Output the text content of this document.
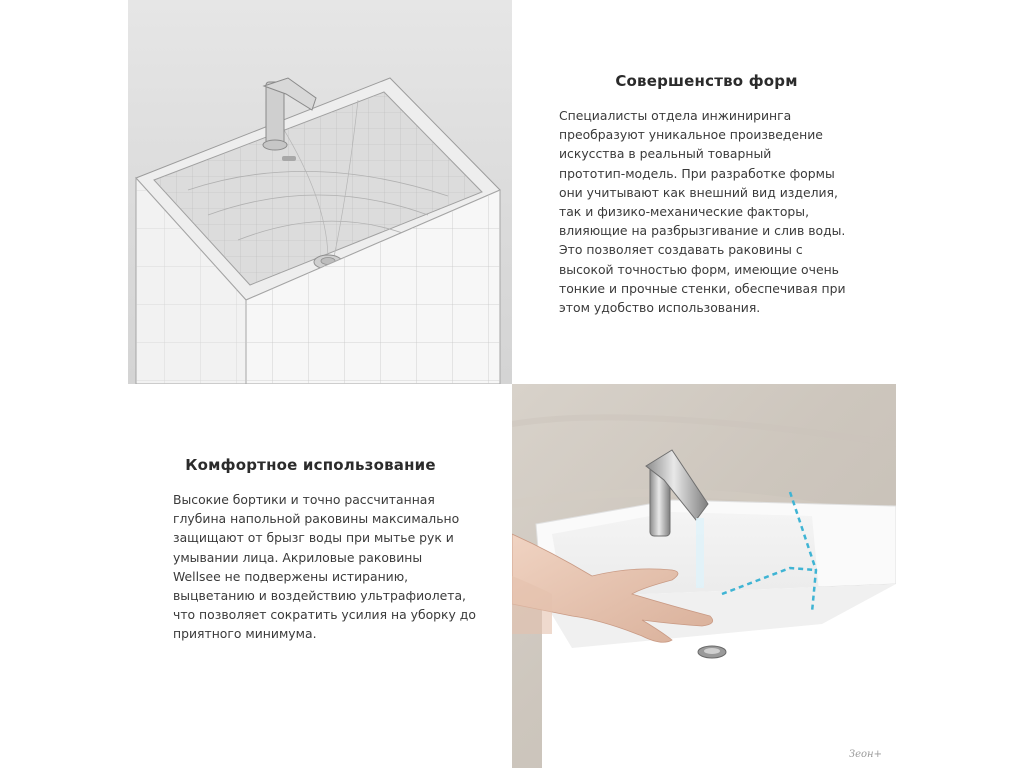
Совершенство форм

Специалисты отдела инжиниринга
преобразуют уникальное произведение
искусства в реальный товарный
прототип-модель. При разработке формы
они учитывают как внешний вид изделия,
так и физико-механические факторы,
влияющие на разбрызгивание и слив воды.
Это позволяет создавать раковины с
высокой точностью форм, имеющие очень
тонкие и прочные стенки, обеспечивая при
этом удобство использования.

Комфортное использование

Высокие бортики и точно рассчитанная
глубина напольной раковины максимально
защищают от брызг воды при мытье рук и
умывании лица. Акриловые раковины
Wellsee не подвержены истиранию,
выцветанию и воздействию ультрафиолета,
что позволяет сократить усилия на уборку до
приятного минимума.

Зеон+
